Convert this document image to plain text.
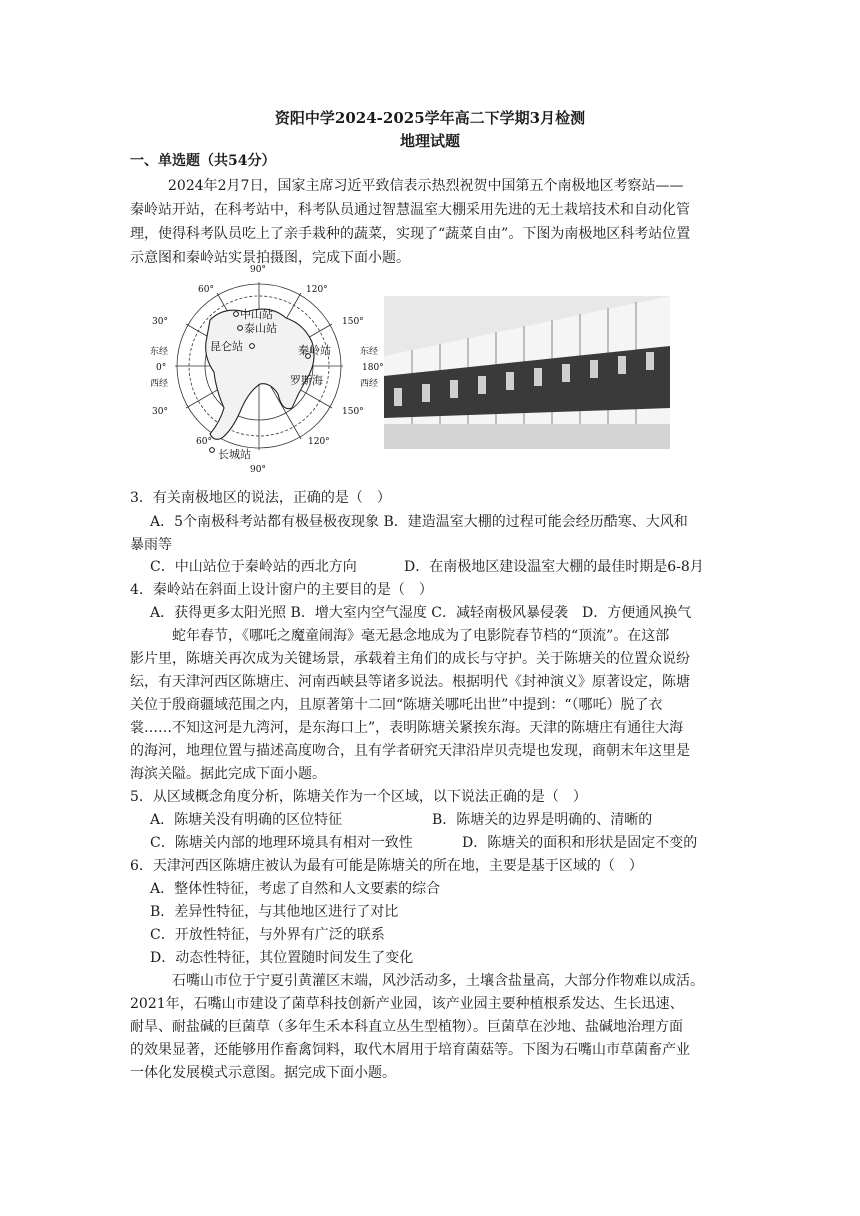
资阳中学2024-2025学年高二下学期3月检测
地理试题
一、单选题（共54分）
2024年2月7日，国家主席习近平致信表示热烈祝贺中国第五个南极地区考察站——
秦岭站开站，在科考站中，科考队员通过智慧温室大棚采用先进的无土栽培技术和自动化管
理，使得科考队员吃上了亲手栽种的蔬菜，实现了“蔬菜自由”。下图为南极地区科考站位置
示意图和秦岭站实景拍摄图，完成下面小题。
90°
90°
60°	120°
30°	150°
30°	150°
60°	120°
东经
0°
西经
东经
180°
西经
中山站
泰山站
昆仑站	秦岭站
罗斯海
长城站
3．有关南极地区的说法，正确的是（　）
A．5个南极科考站都有极昼极夜现象 B．建造温室大棚的过程可能会经历酷寒、大风和
暴雨等
C．中山站位于秦岭站的西北方向	D．在南极地区建设温室大棚的最佳时期是6-8月
4．秦岭站在斜面上设计窗户的主要目的是（　）
A．获得更多太阳光照 B．增大室内空气湿度 C．减轻南极风暴侵袭　D．方便通风换气
蛇年春节，《哪吒之魔童闹海》毫无悬念地成为了电影院春节档的“顶流”。在这部
影片里，陈塘关再次成为关键场景，承载着主角们的成长与守护。关于陈塘关的位置众说纷
纭，有天津河西区陈塘庄、河南西峡县等诸多说法。根据明代《封神演义》原著设定，陈塘
关位于殷商疆域范围之内，且原著第十二回“陈塘关哪吒出世”中提到：“（哪吒）脱了衣
裳……不知这河是九湾河，是东海口上”，表明陈塘关紧挨东海。天津的陈塘庄有通往大海
的海河，地理位置与描述高度吻合，且有学者研究天津沿岸贝壳堤也发现，商朝末年这里是
海滨关隘。据此完成下面小题。
5．从区域概念角度分析，陈塘关作为一个区域，以下说法正确的是（　）
A．陈塘关没有明确的区位特征	B．陈塘关的边界是明确的、清晰的
C．陈塘关内部的地理环境具有相对一致性	D．陈塘关的面积和形状是固定不变的
6．天津河西区陈塘庄被认为最有可能是陈塘关的所在地，主要是基于区域的（　）
A．整体性特征，考虑了自然和人文要素的综合
B．差异性特征，与其他地区进行了对比
C．开放性特征，与外界有广泛的联系
D．动态性特征，其位置随时间发生了变化
石嘴山市位于宁夏引黄灌区末端，风沙活动多，土壤含盐量高，大部分作物难以成活。
2021年，石嘴山市建设了菌草科技创新产业园，该产业园主要种植根系发达、生长迅速、
耐旱、耐盐碱的巨菌草（多年生禾本科直立丛生型植物）。巨菌草在沙地、盐碱地治理方面
的效果显著，还能够用作畜禽饲料，取代木屑用于培育菌菇等。下图为石嘴山市草菌畜产业
一体化发展模式示意图。据完成下面小题。
